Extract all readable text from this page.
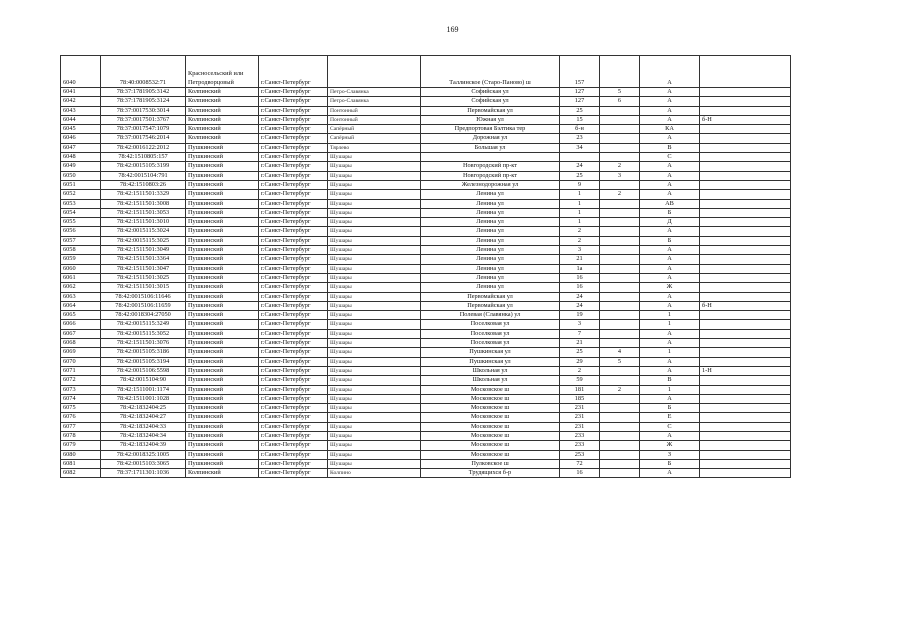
169
6040	78:40:0008532:71	Красносельский или Петродворцовый	г.Санкт-Петербург		Таллинское (Старо-Паново) ш	157		А	
6041	78:37:1781905:3142	Колпинский	г.Санкт-Петербург	Петро-Славянка	Софийская ул	127	5	А	
6042	78:37:1781905:3124	Колпинский	г.Санкт-Петербург	Петро-Славянка	Софийская ул	127	6	А	
6043	78:37:0017530:3014	Колпинский	г.Санкт-Петербург	Понтонный	Первомайская ул	25		А	
6044	78:37:0017501:3767	Колпинский	г.Санкт-Петербург	Понтонный	Южная ул	15		А	б-Н
6045	78:37:0017547:1079	Колпинский	г.Санкт-Петербург	Сапёрный	Предпортовая Бэлтика тер	б-н		КА	
6046	78:37:0017546:2014	Колпинский	г.Санкт-Петербург	Сапёрный	Дорожная ул	23		А	
6047	78:42:0016122:2012	Пушкинский	г.Санкт-Петербург	Тярлево	Большая ул	34		В	
6048	78:42:1510805:157	Пушкинский	г.Санкт-Петербург	Шушары				С	
6049	78:42:0015105:3199	Пушкинский	г.Санкт-Петербург	Шушары	Новгородский пр-кт	24	2	А	
6050	78:42:0015104:791	Пушкинский	г.Санкт-Петербург	Шушары	Новгородский пр-кт	25	3	А	
6051	78:42:1510803:26	Пушкинский	г.Санкт-Петербург	Шушары	Железнодорожная ул	9		А	
6052	78:42:1511501:3329	Пушкинский	г.Санкт-Петербург	Шушары	Ленина ул	1	2	А	
6053	78:42:1511501:3008	Пушкинский	г.Санкт-Петербург	Шушары	Ленина ул	1		АВ	
6054	78:42:1511501:3053	Пушкинский	г.Санкт-Петербург	Шушары	Ленина ул	1		Б	
6055	78:42:1511501:3010	Пушкинский	г.Санкт-Петербург	Шушары	Ленина ул	1		Д	
6056	78:42:0015115:3024	Пушкинский	г.Санкт-Петербург	Шушары	Ленина ул	2		А	
6057	78:42:0015115:3025	Пушкинский	г.Санкт-Петербург	Шушары	Ленина ул	2		Б	
6058	78:42:1511501:3049	Пушкинский	г.Санкт-Петербург	Шушары	Ленина ул	3		А	
6059	78:42:1511501:3364	Пушкинский	г.Санкт-Петербург	Шушары	Ленина ул	21		А	
6060	78:42:1511501:3047	Пушкинский	г.Санкт-Петербург	Шушары	Ленина ул	1а		А	
6061	78:42:1511501:3025	Пушкинский	г.Санкт-Петербург	Шушары	Ленина ул	16		А	
6062	78:42:1511501:3015	Пушкинский	г.Санкт-Петербург	Шушары	Ленина ул	16		Ж	
6063	78:42:0015106:11646	Пушкинский	г.Санкт-Петербург	Шушары	Первомайская ул	24		А	
6064	78:42:0015106:11659	Пушкинский	г.Санкт-Петербург	Шушары	Первомайская ул	24		А	б-Н
6065	78:42:0018304:27050	Пушкинский	г.Санкт-Петербург	Шушары	Полевая (Славянка) ул	19		1	
6066	78:42:0015115:3249	Пушкинский	г.Санкт-Петербург	Шушары	Поселковая ул	3		1	
6067	78:42:0015115:3052	Пушкинский	г.Санкт-Петербург	Шушары	Поселковая ул	7		А	
6068	78:42:1511501:3076	Пушкинский	г.Санкт-Петербург	Шушары	Поселковая ул	21		А	
6069	78:42:0015105:3186	Пушкинский	г.Санкт-Петербург	Шушары	Пушкинская ул	25	4	1	
6070	78:42:0015105:3194	Пушкинский	г.Санкт-Петербург	Шушары	Пушкинская ул	29	5	А	
6071	78:42:0015106:5598	Пушкинский	г.Санкт-Петербург	Шушары	Школьная ул	2		А	1-Н
6072	78:42:0015104:90	Пушкинский	г.Санкт-Петербург	Шушары	Школьная ул	59		В	
6073	78:42:1511001:1174	Пушкинский	г.Санкт-Петербург	Шушары	Московское ш	181	2	1	
6074	78:42:1511001:1028	Пушкинский	г.Санкт-Петербург	Шушары	Московское ш	185		А	
6075	78:42:1832404:25	Пушкинский	г.Санкт-Петербург	Шушары	Московское ш	231		Б	
6076	78:42:1832404:27	Пушкинский	г.Санкт-Петербург	Шушары	Московское ш	231		Е	
6077	78:42:1832404:33	Пушкинский	г.Санкт-Петербург	Шушары	Московское ш	231		С	
6078	78:42:1832404:34	Пушкинский	г.Санкт-Петербург	Шушары	Московское ш	233		А	
6079	78:42:1832404:39	Пушкинский	г.Санкт-Петербург	Шушары	Московское ш	233		Ж	
6080	78:42:0018325:1005	Пушкинский	г.Санкт-Петербург	Шушары	Московское ш	253		З	
6081	78:42:0015103:3065	Пушкинский	г.Санкт-Петербург	Шушары	Пулковское ш	72		Б	
6082	78:37:1711301:1036	Колпинский	г.Санкт-Петербург	Колпино	Трудящихся б-р	16		А	
